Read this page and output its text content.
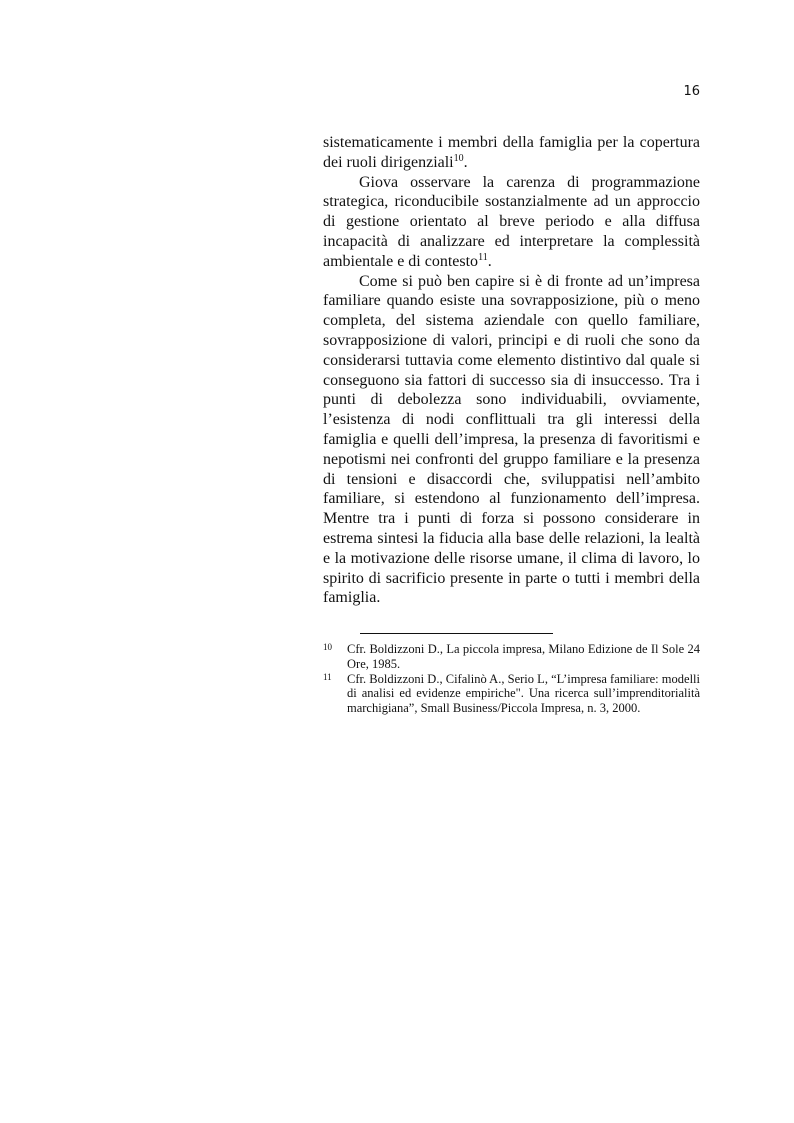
16

sistematicamente i membri della famiglia per la copertura dei ruoli dirigenziali$^{10}$.

Giova osservare la carenza di programmazione strategica, riconducibile sostanzialmente ad un approccio di gestione orientato al breve periodo e alla diffusa incapacità di analizzare ed interpretare la complessità ambientale e di contesto$^{11}$.

Come si può ben capire si è di fronte ad un’impresa familiare quando esiste una sovrapposizione, più o meno completa, del sistema aziendale con quello familiare, sovrapposizione di valori, principi e di ruoli che sono da considerarsi tuttavia come elemento distintivo dal quale si conseguono sia fattori di successo sia di insuccesso. Tra i punti di debolezza sono individuabili, ovviamente, l’esistenza di nodi conflittuali tra gli interessi della famiglia e quelli dell’impresa, la presenza di favoritismi e nepotismi nei confronti del gruppo familiare e la presenza di tensioni e disaccordi che, sviluppatisi nell’ambito familiare, si estendono al funzionamento dell’impresa. Mentre tra i punti di forza si possono considerare in estrema sintesi la fiducia alla base delle relazioni, la lealtà e la motivazione delle risorse umane, il clima di lavoro, lo spirito di sacrificio presente in parte o tutti i membri della famiglia.

10 Cfr. Boldizzoni D., La piccola impresa, Milano Edizione de Il Sole 24 Ore, 1985.
11 Cfr. Boldizzoni D., Cifalinò A., Serio L, “L’impresa familiare: modelli di analisi ed evidenze empiriche". Una ricerca sull’imprenditorialità marchigiana”, Small Business/Piccola Impresa, n. 3, 2000.
